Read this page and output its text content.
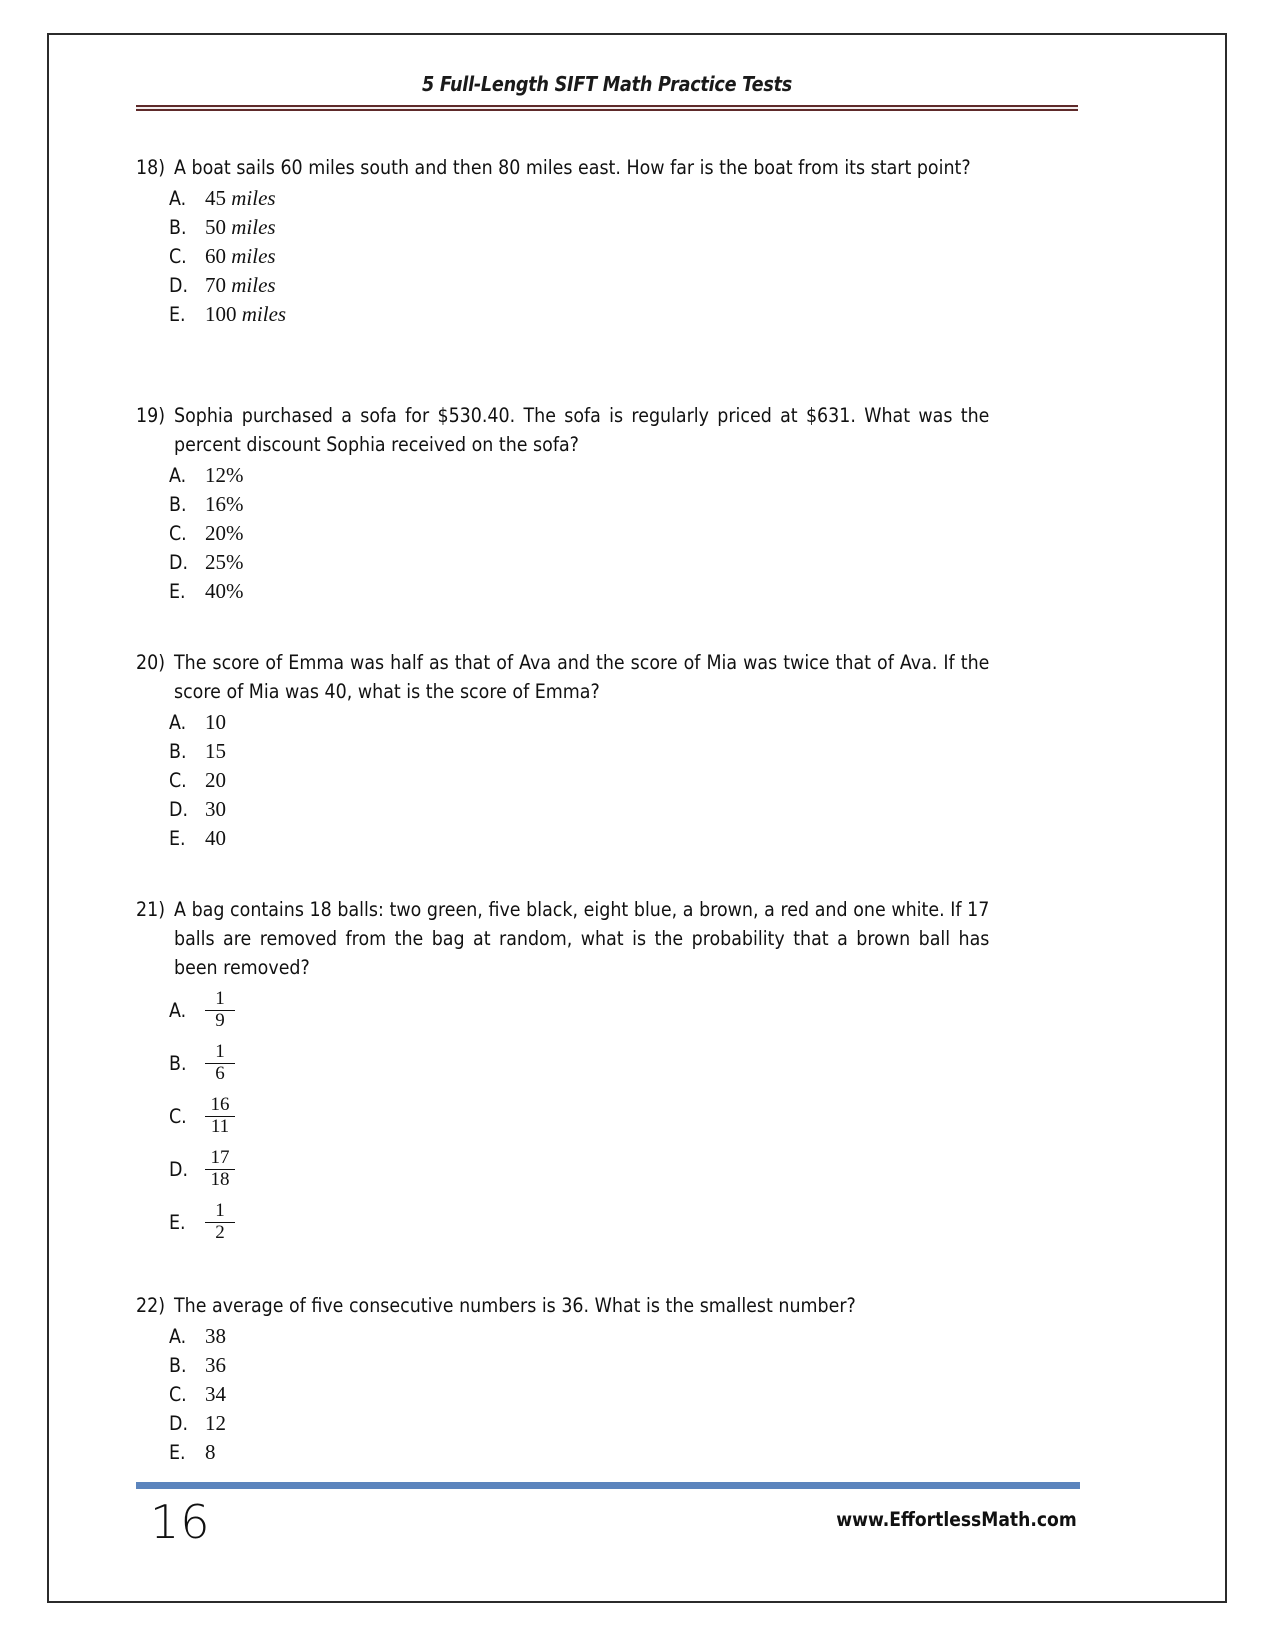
5 Full-Length SIFT Math Practice Tests
18) A boat sails 60 miles south and then 80 miles east. How far is the boat from its start point?
A. 45 miles
B. 50 miles
C. 60 miles
D. 70 miles
E. 100 miles
19) Sophia purchased a sofa for $530.40. The sofa is regularly priced at $631. What was the percent discount Sophia received on the sofa?
A. 12%
B. 16%
C. 20%
D. 25%
E. 40%
20) The score of Emma was half as that of Ava and the score of Mia was twice that of Ava. If the score of Mia was 40, what is the score of Emma?
A. 10
B. 15
C. 20
D. 30
E. 40
21) A bag contains 18 balls: two green, five black, eight blue, a brown, a red and one white. If 17 balls are removed from the bag at random, what is the probability that a brown ball has been removed?
A. $\frac{1}{9}$
B. $\frac{1}{6}$
C. $\frac{16}{11}$
D. $\frac{17}{18}$
E.	$\frac{1}{2}$
22) The average of five consecutive numbers is 36. What is the smallest number?
A. 38
B. 36
C. 34
D. 12
E. 8
16	www.EffortlessMath.com
